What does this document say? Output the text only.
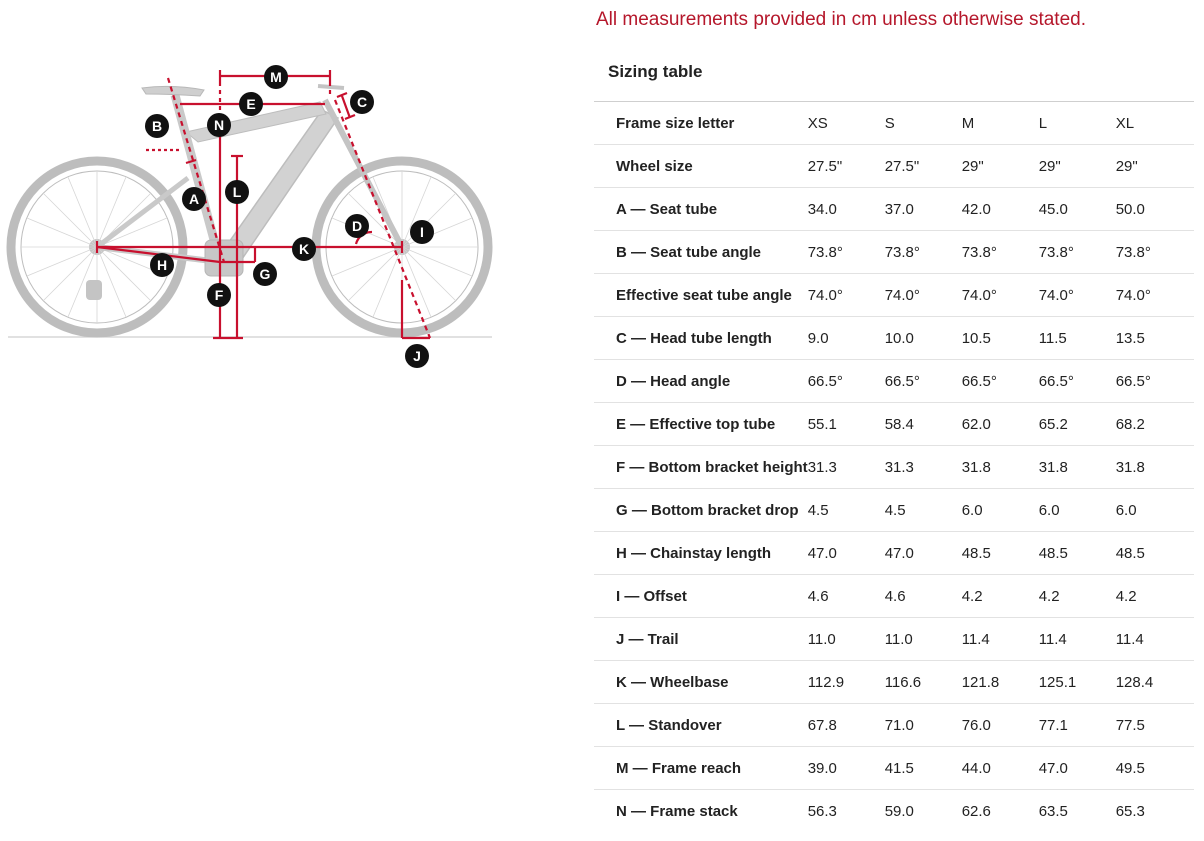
All measurements provided in cm unless otherwise stated.
M
E	C
B	N
L
A
D	I
K
H
G
F
J
Sizing table
Frame size letter	XS	S	M	L	XL
Wheel size	27.5"	27.5"	29"	29"	29"
A — Seat tube	34.0	37.0	42.0	45.0	50.0
B — Seat tube angle	73.8°	73.8°	73.8°	73.8°	73.8°
Effective seat tube angle	74.0°	74.0°	74.0°	74.0°	74.0°
C — Head tube length	9.0	10.0	10.5	11.5	13.5
D — Head angle	66.5°	66.5°	66.5°	66.5°	66.5°
E — Effective top tube	55.1	58.4	62.0	65.2	68.2
F — Bottom bracket height	31.3	31.3	31.8	31.8	31.8
G — Bottom bracket drop	4.5	4.5	6.0	6.0	6.0
H — Chainstay length	47.0	47.0	48.5	48.5	48.5
I — Offset	4.6	4.6	4.2	4.2	4.2
J — Trail	11.0	11.0	11.4	11.4	11.4
K — Wheelbase	112.9	116.6	121.8	125.1	128.4
L — Standover	67.8	71.0	76.0	77.1	77.5
M — Frame reach	39.0	41.5	44.0	47.0	49.5
N — Frame stack	56.3	59.0	62.6	63.5	65.3
